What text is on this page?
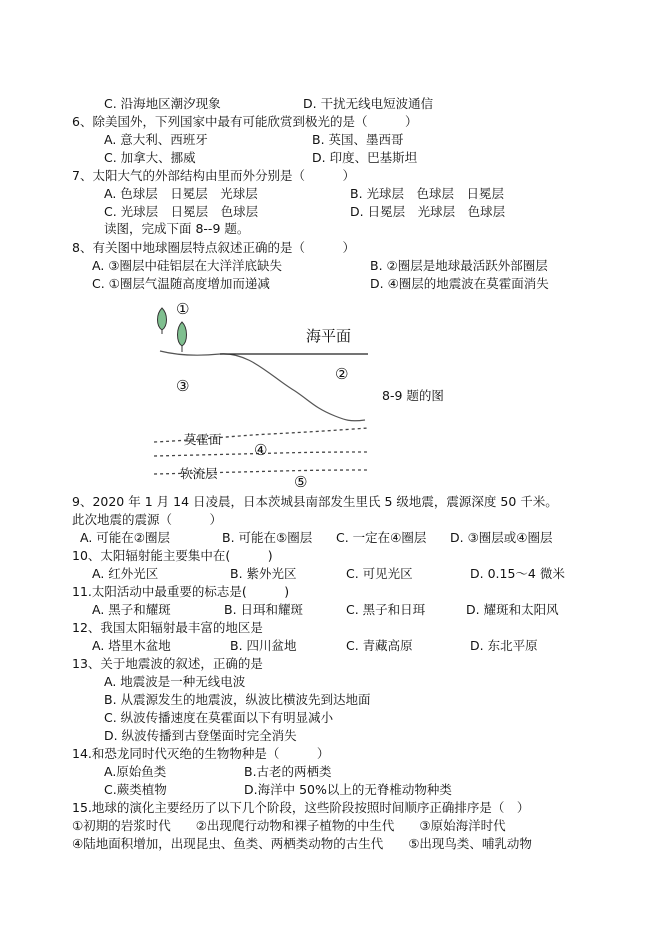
C. 沿海地区潮汐现象	D. 干扰无线电短波通信
6、除美国外，下列国家中最有可能欣赏到极光的是（　　　）
A. 意大利、西班牙	B. 英国、墨西哥
C. 加拿大、挪威	D. 印度、巴基斯坦
7、太阳大气的外部结构由里而外分别是（　　　）
A. 色球层　日冕层　光球层	B. 光球层　色球层　日冕层
C. 光球层　日冕层　色球层	D. 日冕层　光球层　色球层
读图，完成下面 8--9 题。
8、有关图中地球圈层特点叙述正确的是（　　　）
A. ③圈层中硅铝层在大洋洋底缺失	B. ②圈层是地球最活跃外部圈层
C. ①圈层气温随高度增加而递减	D. ④圈层的地震波在莫霍面消失
①
海平面
②
③
8-9 题的图
莫霍面
④
软流层	⑤
9、2020 年 1 月 14 日凌晨，日本茨城县南部发生里氏 5 级地震，震源深度 50 千米。
此次地震的震源（　　　）
A. 可能在②圈层	B. 可能在⑤圈层 C. 一定在④圈层 D. ③圈层或④圈层
10、太阳辐射能主要集中在(　　　)
A. 红外光区	B. 紫外光区	C. 可见光区	D. 0.15～4 微米
11.太阳活动中最重要的标志是(　　　)
A. 黑子和耀斑	B. 日珥和耀斑	C. 黑子和日珥	D. 耀斑和太阳风
12、我国太阳辐射最丰富的地区是
A. 塔里木盆地	B. 四川盆地	C. 青藏高原	D. 东北平原
13、关于地震波的叙述，正确的是
A. 地震波是一种无线电波
B. 从震源发生的地震波，纵波比横波先到达地面
C. 纵波传播速度在莫霍面以下有明显减小
D. 纵波传播到古登堡面时完全消失
14.和恐龙同时代灭绝的生物物种是（　　　）
A.原始鱼类	B.古老的两栖类
C.蕨类植物	D.海洋中 50%以上的无脊椎动物种类
15.地球的演化主要经历了以下几个阶段，这些阶段按照时间顺序正确排序是（　）
①初期的岩浆时代　　②出现爬行动物和裸子植物的中生代　　③原始海洋时代
④陆地面积增加，出现昆虫、鱼类、两栖类动物的古生代　　⑤出现鸟类、哺乳动物
